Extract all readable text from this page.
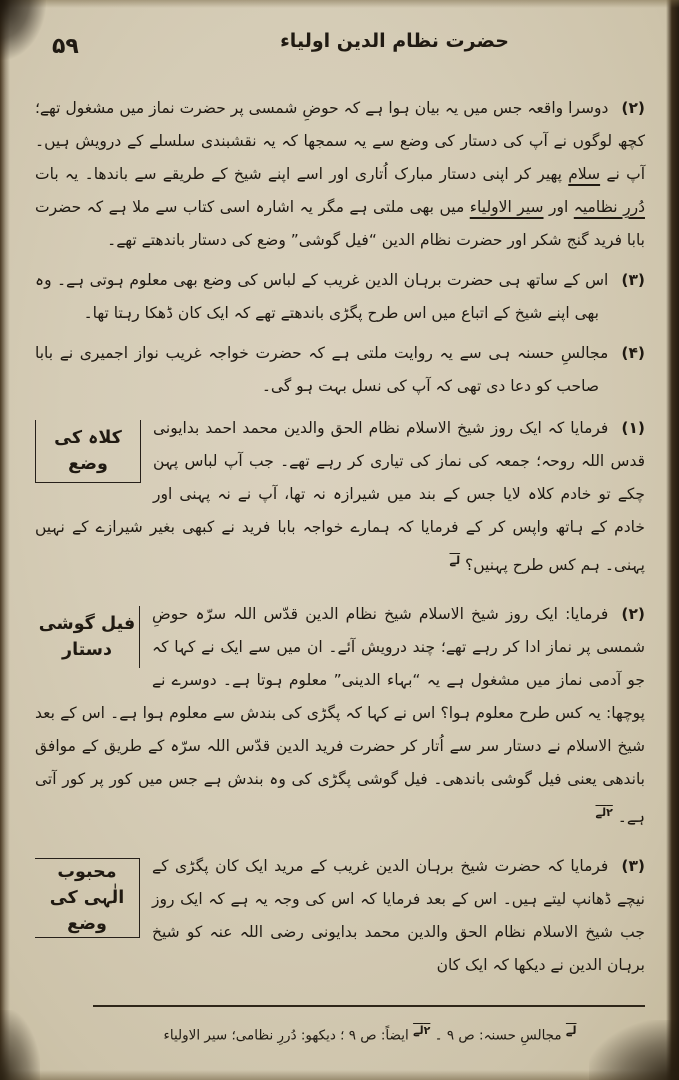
۵۹	حضرت نظام الدین اولیاء

(۲)دوسرا واقعہ جس میں یہ بیان ہوا ہے کہ حوضِ شمسی پر حضرت نماز میں مشغول تھے؛ کچھ لوگوں نے آپ کی دستار کی وضع سے یہ سمجھا کہ یہ نقشبندی سلسلے کے درویش ہیں۔ آپ نے سلام پھیر کر اپنی دستار مبارک اُتاری اور اسے اپنے شیخ کے طریقے سے باندھا۔ یہ بات دُررِ نظامیہ اور سیر الاولیاء میں بھی ملتی ہے مگر یہ اشارہ اسی کتاب سے ملا ہے کہ حضرت بابا فرید گنج شکر اور حضرت نظام الدین “فیل گوشی” وضع کی دستار باندھتے تھے۔

(۳)اس کے ساتھ ہی حضرت برہان الدین غریب کے لباس کی وضع بھی معلوم ہوتی ہے۔ وہ بھی اپنے شیخ کے اتباع میں اس طرح پگڑی باندھتے تھے کہ ایک کان ڈھکا رہتا تھا۔

(۴)مجالسِ حسنہ ہی سے یہ روایت ملتی ہے کہ حضرت خواجہ غریب نواز اجمیری نے بابا صاحب کو دعا دی تھی کہ آپ کی نسل بہت ہو گی۔

کلاہ کی وضع

(۱)فرمایا کہ ایک روز شیخ الاسلام نظام الحق والدین محمد احمد بدایونی قدس اللہ روحہ؛ جمعہ کی نماز کی تیاری کر رہے تھے۔ جب آپ لباس پہن چکے تو خادم کلاہ لایا جس کے بند میں شیرازہ نہ تھا، آپ نے نہ پہنی اور خادم کے ہاتھ واپس کر کے فرمایا کہ ہمارے خواجہ بابا فرید نے کبھی بغیر شیرازے کے نہیں پہنی۔ ہم کس طرح پہنیں؟ $^{لے}$

فیل گوشی دستار

(۲)فرمایا: ایک روز شیخ الاسلام شیخ نظام الدین قدّس اللہ سرّہ حوضِ شمسی پر نماز ادا کر رہے تھے؛ چند درویش آئے۔ ان میں سے ایک نے کہا کہ جو آدمی نماز میں مشغول ہے یہ “بہاء الدینی” معلوم ہوتا ہے۔ دوسرے نے پوچھا: یہ کس طرح معلوم ہوا؟ اس نے کہا کہ پگڑی کی بندش سے معلوم ہوا ہے۔ اس کے بعد شیخ الاسلام نے دستار سر سے اُتار کر حضرت فرید الدین قدّس اللہ سرّہ کے طریق کے موافق باندھی یعنی فیل گوشی باندھی۔ فیل گوشی پگڑی کی وہ بندش ہے جس میں کور پر کور آتی ہے۔ $^{۲لے}$

محبوب الٰہی کی وضع

(۳)فرمایا کہ حضرت شیخ برہان الدین غریب کے مرید ایک کان پگڑی کے نیچے ڈھانپ لیتے ہیں۔ اس کے بعد فرمایا کہ اس کی وجہ یہ ہے کہ ایک روز جب شیخ الاسلام نظام الحق والدین محمد بدایونی رضی اللہ عنہ کو شیخ برہان الدین نے دیکھا کہ ایک کان

$^{لے}$ مجالسِ حسنہ: ص ۹ ۔ $^{۲لے}$ ایضاً: ص ۹ ؛ دیکھو: دُررِ نظامی؛ سیر الاولیاء
